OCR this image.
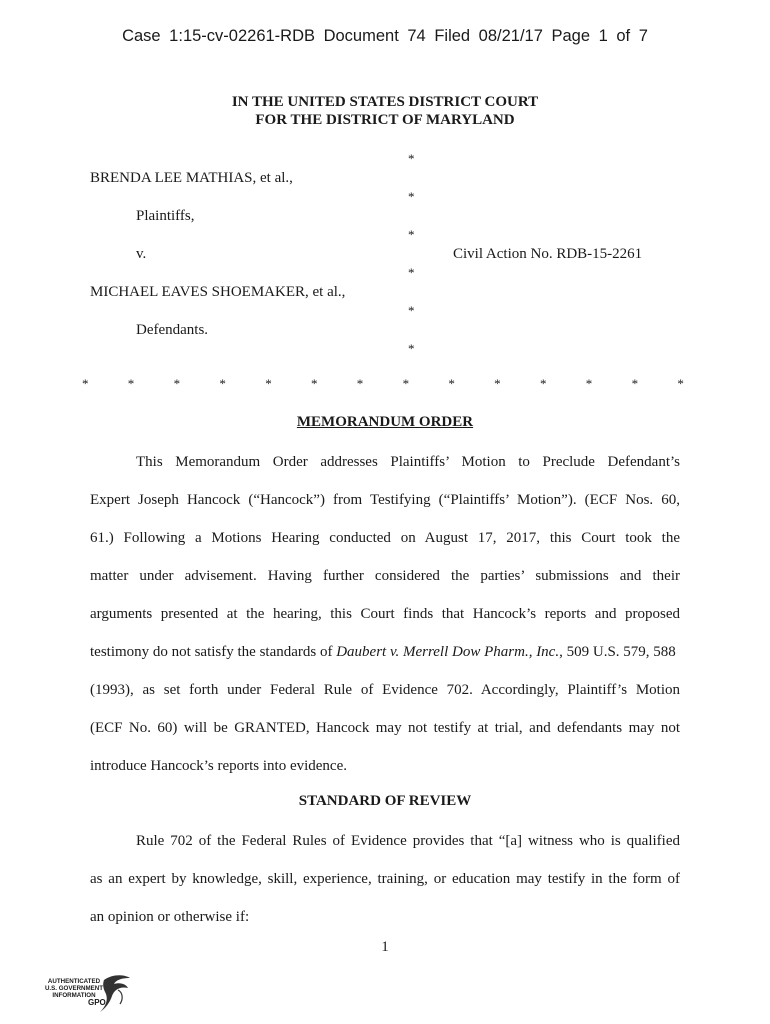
Case 1:15-cv-02261-RDB Document 74 Filed 08/21/17 Page 1 of 7
IN THE UNITED STATES DISTRICT COURT
FOR THE DISTRICT OF MARYLAND
*
BRENDA LEE MATHIAS, et al.,
*
Plaintiffs,
*
v.	Civil Action No. RDB-15-2261
*
MICHAEL EAVES SHOEMAKER, et al.,
*
Defendants.
*
*	*	*	*	*	*	*	*	*	*	*	*	*	*
MEMORANDUM ORDER
This Memorandum Order addresses Plaintiffs’ Motion to Preclude Defendant’s
Expert Joseph Hancock (“Hancock”) from Testifying (“Plaintiffs’ Motion”). (ECF Nos. 60,
61.) Following a Motions Hearing conducted on August 17, 2017, this Court took the
matter under advisement. Having further considered the parties’ submissions and their
arguments presented at the hearing, this Court finds that Hancock’s reports and proposed
testimony do not satisfy the standards of Daubert v. Merrell Dow Pharm., Inc., 509 U.S. 579, 588
(1993), as set forth under Federal Rule of Evidence 702. Accordingly, Plaintiff’s Motion
(ECF No. 60) will be GRANTED, Hancock may not testify at trial, and defendants may not
introduce Hancock’s reports into evidence.
STANDARD OF REVIEW
Rule 702 of the Federal Rules of Evidence provides that “[a] witness who is qualified
as an expert by knowledge, skill, experience, training, or education may testify in the form of
an opinion or otherwise if:
1
AUTHENTICATED
U.S. GOVERNMENT
INFORMATION
GPO
